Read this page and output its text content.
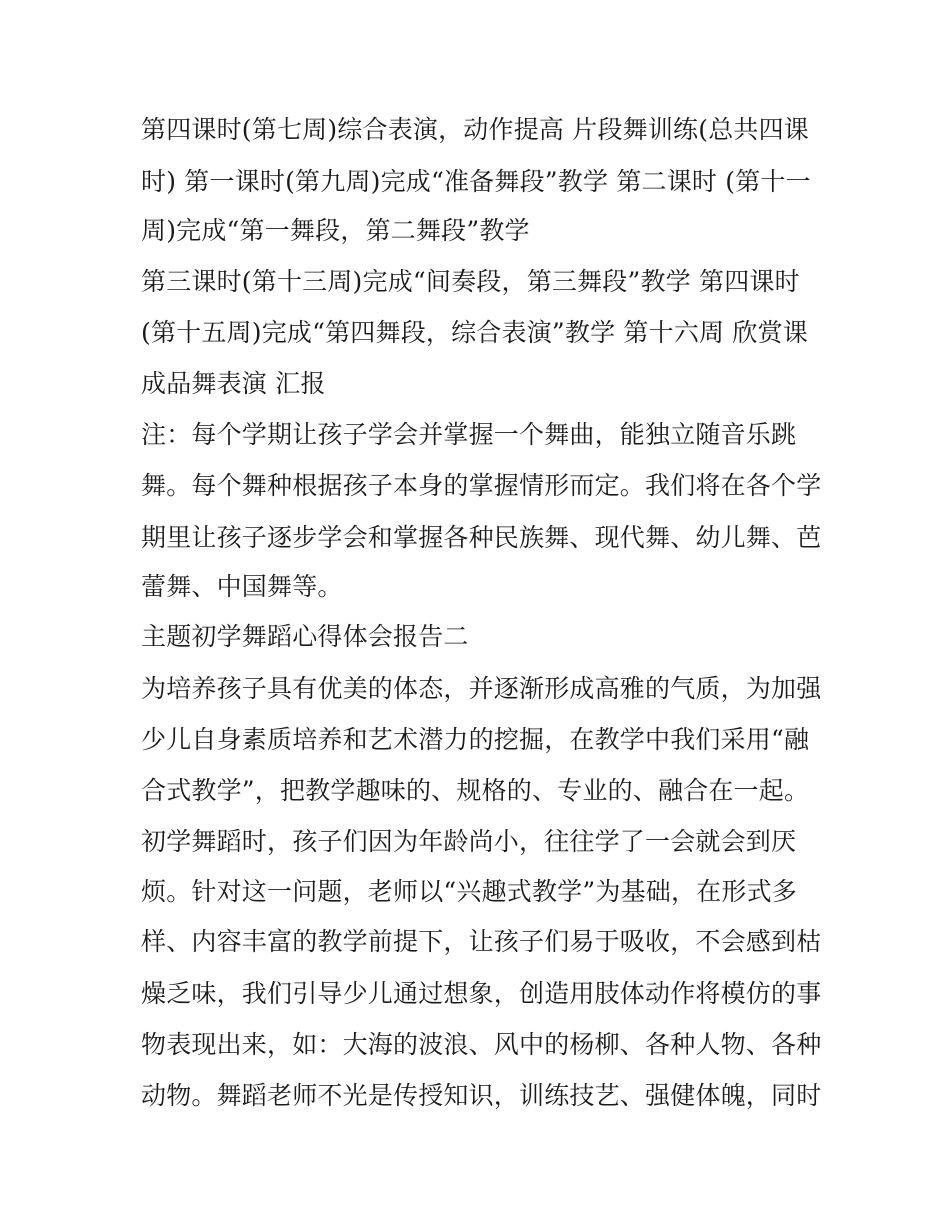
第四课时(第七周)综合表演，动作提高 片段舞训练(总共四课
时) 第一课时(第九周)完成“准备舞段”教学 第二课时 (第十一
周)完成“第一舞段，第二舞段”教学
第三课时(第十三周)完成“间奏段，第三舞段”教学 第四课时
(第十五周)完成“第四舞段，综合表演”教学 第十六周 欣赏课
成品舞表演 汇报
注：每个学期让孩子学会并掌握一个舞曲，能独立随音乐跳
舞。每个舞种根据孩子本身的掌握情形而定。我们将在各个学
期里让孩子逐步学会和掌握各种民族舞、现代舞、幼儿舞、芭
蕾舞、中国舞等。
主题初学舞蹈心得体会报告二
为培养孩子具有优美的体态，并逐渐形成高雅的气质，为加强
少儿自身素质培养和艺术潜力的挖掘，在教学中我们采用“融
合式教学”，把教学趣味的、规格的、专业的、融合在一起。
初学舞蹈时，孩子们因为年龄尚小，往往学了一会就会到厌
烦。针对这一问题，老师以“兴趣式教学”为基础，在形式多
样、内容丰富的教学前提下，让孩子们易于吸收，不会感到枯
燥乏味，我们引导少儿通过想象，创造用肢体动作将模仿的事
物表现出来，如：大海的波浪、风中的杨柳、各种人物、各种
动物。舞蹈老师不光是传授知识，训练技艺、强健体魄，同时
